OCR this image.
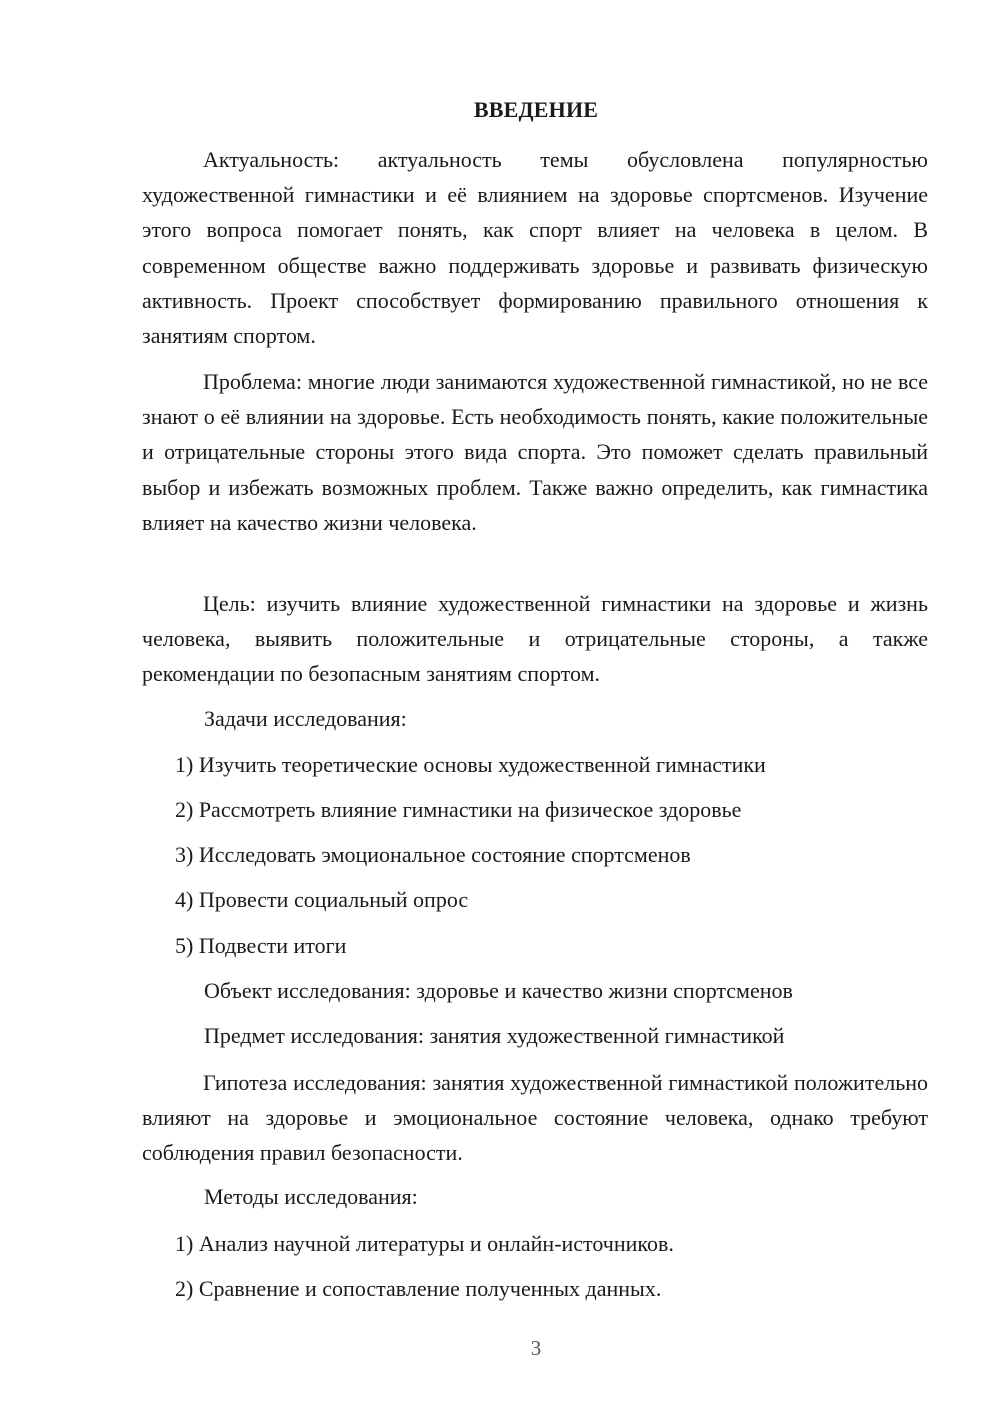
ВВЕДЕНИЕ

Актуальность: актуальность темы обусловлена популярностью художественной гимнастики и её влиянием на здоровье спортсменов. Изучение этого вопроса помогает понять, как спорт влияет на человека в целом. В современном обществе важно поддерживать здоровье и развивать физическую активность. Проект способствует формированию правильного отношения к занятиям спортом.

Проблема: многие люди занимаются художественной гимнастикой, но не все знают о её влиянии на здоровье. Есть необходимость понять, какие положительные и отрицательные стороны этого вида спорта. Это поможет сделать правильный выбор и избежать возможных проблем. Также важно определить, как гимнастика влияет на качество жизни человека.

Цель: изучить влияние художественной гимнастики на здоровье и жизнь человека, выявить положительные и отрицательные стороны, а также рекомендации по безопасным занятиям спортом.

Задачи исследования:

1) Изучить теоретические основы художественной гимнастики

2) Рассмотреть влияние гимнастики на физическое здоровье

3) Исследовать эмоциональное состояние спортсменов

4) Провести социальный опрос

5) Подвести итоги

Объект исследования: здоровье и качество жизни спортсменов

Предмет исследования: занятия художественной гимнастикой

Гипотеза исследования: занятия художественной гимнастикой положительно влияют на здоровье и эмоциональное состояние человека, однако требуют соблюдения правил безопасности.

Методы исследования:

1) Анализ научной литературы и онлайн-источников.

2) Сравнение и сопоставление полученных данных.

3
